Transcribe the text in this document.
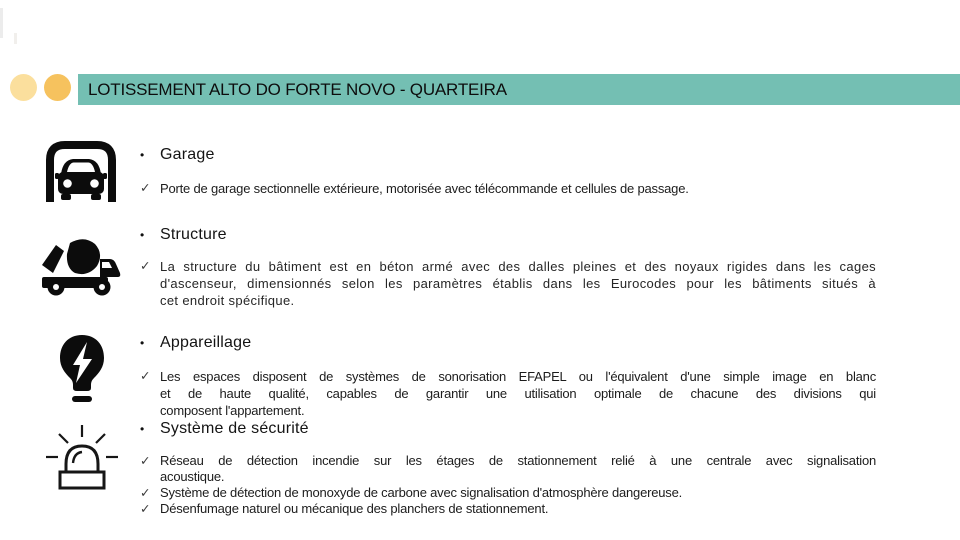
LOTISSEMENT ALTO DO FORTE NOVO - QUARTEIRA
• Garage
✓ Porte de garage sectionnelle extérieure, motorisée avec télécommande et cellules de passage.
• Structure
✓ La structure du bâtiment est en béton armé avec des dalles pleines et des noyaux rigides dans les cages
d'ascenseur, dimensionnés selon les paramètres établis dans les Eurocodes pour les bâtiments situés à
cet endroit spécifique.
• Appareillage
✓ Les espaces disposent de systèmes de sonorisation EFAPEL ou l'équivalent d'une simple image en blanc
et de haute qualité, capables de garantir une utilisation optimale de chacune des divisions qui
composent l'appartement.
• Système de sécurité
✓ Réseau de détection incendie sur les étages de stationnement relié à une centrale avec signalisation
acoustique.
✓ Système de détection de monoxyde de carbone avec signalisation d'atmosphère dangereuse.
✓ Désenfumage naturel ou mécanique des planchers de stationnement.
